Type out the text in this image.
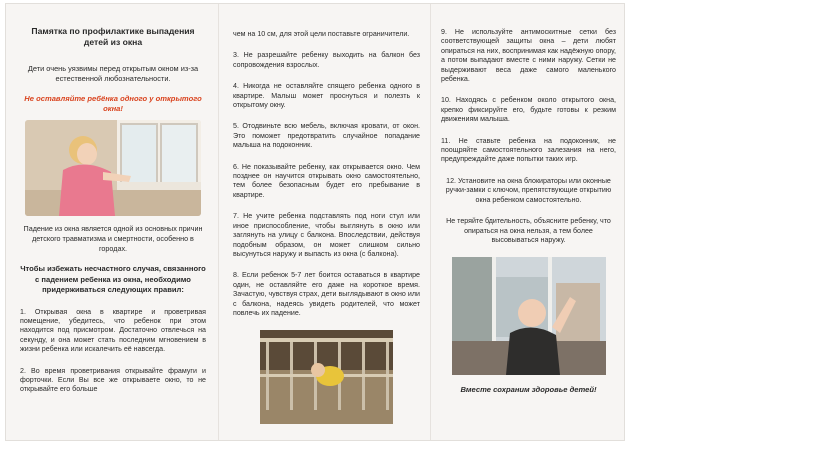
Памятка по профилактике выпадения детей из окна
Дети очень уязвимы перед открытым окном из-за естественной любознательности.
Не оставляйте ребёнка одного у открытого окна!
Падение из окна является одной из основных причин детского травматизма и смертности, особенно в городах.
Чтобы избежать несчастного случая, связанного с падением ребенка из окна, необходимо придерживаться следующих правил:
1. Открывая окна в квартире и проветривая помещение, убедитесь, что ребенок при этом находится под присмотром. Достаточно отвлечься на секунду, и она может стать последним мгновением в жизни ребенка или искалечить её навсегда.
2. Во время проветривания открывайте фрамуги и форточки. Если Вы все же открываете окно, то не открывайте его больше
чем на 10 см, для этой цели поставьте ограничители.
3. Не разрешайте ребенку выходить на балкон без сопровождения взрослых.
4. Никогда не оставляйте спящего ребенка одного в квартире. Малыш может проснуться и полезть к открытому окну.
5. Отодвиньте всю мебель, включая кровати, от окон. Это поможет предотвратить случайное попадание малыша на подоконник.
6. Не показывайте ребенку, как открывается окно. Чем позднее он научится открывать окно самостоятельно, тем более безопасным будет его пребывание в квартире.
7. Не учите ребенка подставлять под ноги стул или иное приспособление, чтобы выглянуть в окно или заглянуть на улицу с балкона. Впоследствии, действуя подобным образом, он может слишком сильно высунуться наружу и выпасть из окна (с балкона).
8. Если ребенок 5-7 лет боится оставаться в квартире один, не оставляйте его даже на короткое время. Зачастую, чувствуя страх, дети выглядывают в окно или с балкона, надеясь увидеть родителей, что может повлечь их падение.
9. Не используйте антимоскитные сетки без соответствующей защиты окна – дети любят опираться на них, воспринимая как надёжную опору, а потом выпадают вместе с ними наружу. Сетки не выдерживают веса даже самого маленького ребенка.
10. Находясь с ребенком около открытого окна, крепко фиксируйте его, будьте готовы к резким движениям малыша.
11. Не ставьте ребенка на подоконник, не поощряйте самостоятельного залезания на него, предупреждайте даже попытки таких игр.
12. Установите на окна блокираторы или оконные ручки-замки с ключом, препятствующие открытию окна ребенком самостоятельно.
Не теряйте бдительность, объясните ребенку, что опираться на окна нельзя, а тем более высовываться наружу.
Вместе сохраним здоровье детей!
